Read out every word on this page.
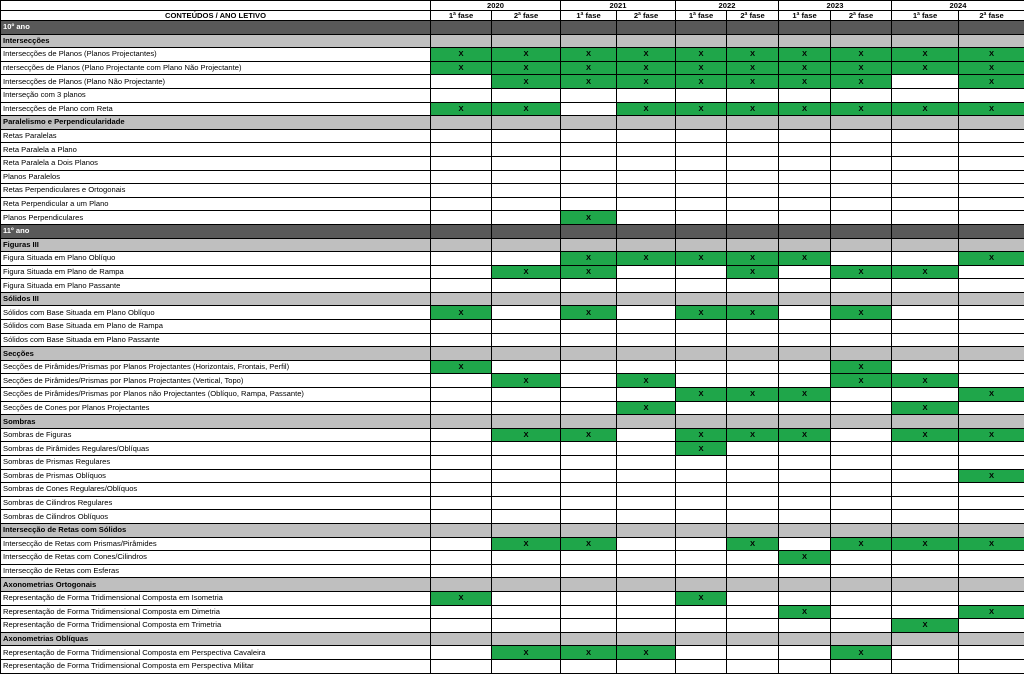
	2020		2021		2022		2023		2024	
CONTEÚDOS / ANO LETIVO	1ª fase	2ª fase	1ª fase	2ª fase	1ª fase	2ª fase	1ª fase	2ª fase	1ª fase	2ª fase
10º ano										
Intersecções										
Intersecções de Planos (Planos Projectantes)	X	X	X	X	X	X	X	X	X	X
ntersecções de Planos (Plano Projectante com Plano Não Projectante)	X	X	X	X	X	X	X	X	X	X
Intersecções de Planos (Plano Não Projectante)		X	X	X	X	X	X	X		X
Interseção com 3 planos										
Intersecções de Plano com Reta	X	X		X	X	X	X	X	X	X
Paralelismo e Perpendicularidade										
Retas Paralelas										
Reta Paralela a Plano										
Reta Paralela a Dois Planos										
Planos Paralelos										
Retas Perpendiculares e Ortogonais										
Reta Perpendicular a um Plano										
Planos Perpendiculares			X							
11º ano										
Figuras III										
Figura Situada em Plano Oblíquo			X	X	X	X	X			X
Figura Situada em Plano de Rampa		X	X			X		X	X	
Figura Situada em Plano Passante										
Sólidos III										
Sólidos com Base Situada em Plano Oblíquo	X		X		X	X		X		
Sólidos com Base Situada em Plano de Rampa										
Sólidos com Base Situada em Plano Passante										
Secções										
Secções de Pirâmides/Prismas por Planos Projectantes (Horizontais, Frontais, Perfil)	X							X		
Secções de Pirâmides/Prismas por Planos Projectantes (Vertical, Topo)		X		X				X	X	
Secções de Pirâmides/Prismas por Planos não Projectantes (Oblíquo, Rampa, Passante)					X	X	X			X
Secções de Cones por Planos Projectantes				X					X	
Sombras										
Sombras de Figuras		X	X		X	X	X		X	X
Sombras de Pirâmides Regulares/Oblíquas					X					
Sombras de Prismas Regulares										
Sombras de Prismas Oblíquos										X
Sombras de Cones Regulares/Oblíquos										
Sombras de Cilindros Regulares										
Sombras de Cilindros Oblíquos										
Intersecção de Retas com Sólidos										
Intersecção de Retas com Prismas/Pirâmides		X	X			X		X	X	X
Intersecção de Retas com Cones/Cilindros							X			
Intersecção de Retas com Esferas										
Axonometrias Ortogonais										
Representação de Forma Tridimensional Composta em Isometria	X				X					
Representação de Forma Tridimensional Composta em Dimetria							X			X
Representação de Forma Tridimensional Composta em Trimetria									X	
Axonometrias Oblíquas										
Representação de Forma Tridimensional Composta em Perspectiva Cavaleira		X	X	X				X		
Representação de Forma Tridimensional Composta em Perspectiva Militar										
